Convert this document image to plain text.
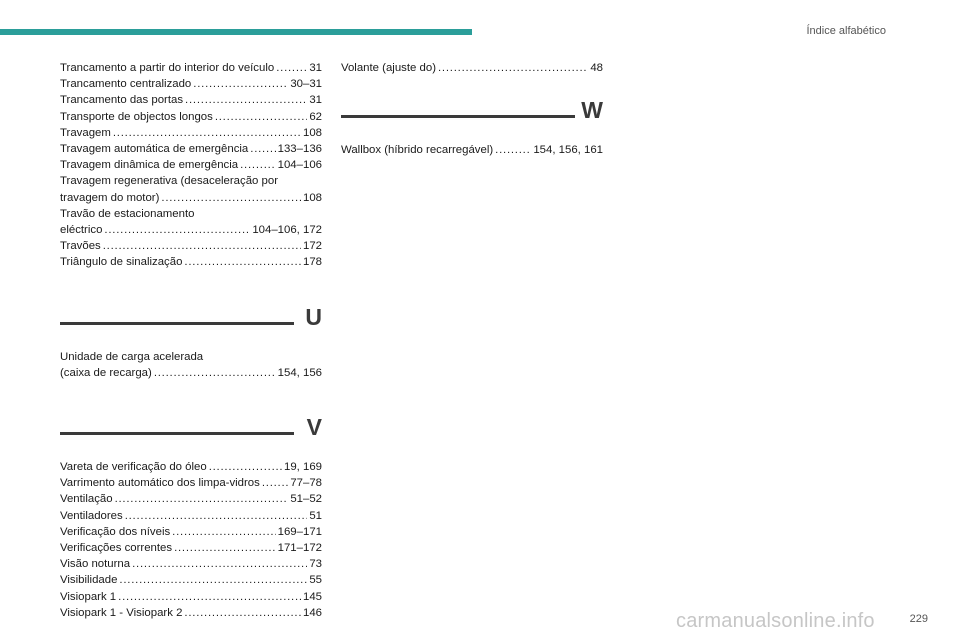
Índice alfabético
Trancamento a partir do interior do veículo . . .	31
Trancamento centralizado . . .	30–31
Trancamento das portas . . .	31
Transporte de objectos longos . . .	62
Travagem . . .	108
Travagem automática de emergência . . .	133–136
Travagem dinâmica de emergência . . .	104–106
Travagem regenerativa (desaceleração por
travagem do motor) . . .	108
Travão de estacionamento
eléctrico . . .	104–106, 172
Travões . . .	172
Triângulo de sinalização . . .	178
U
Unidade de carga acelerada
(caixa de recarga) . . .	154, 156
V
Vareta de verificação do óleo . . .	19, 169
Varrimento automático dos limpa-vidros . . .	77–78
Ventilação . . .	51–52
Ventiladores . . .	51
Verificação dos níveis . . .	169–171
Verificações correntes . . .	171–172
Visão noturna . . .	73
Visibilidade . . .	55
Visiopark 1 . . .	145
Visiopark 1 - Visiopark 2 . . .	146
Volante (ajuste do) . . .	48
W
Wallbox (híbrido recarregável) . . .	154, 156, 161
carmanualsonline.info	229
